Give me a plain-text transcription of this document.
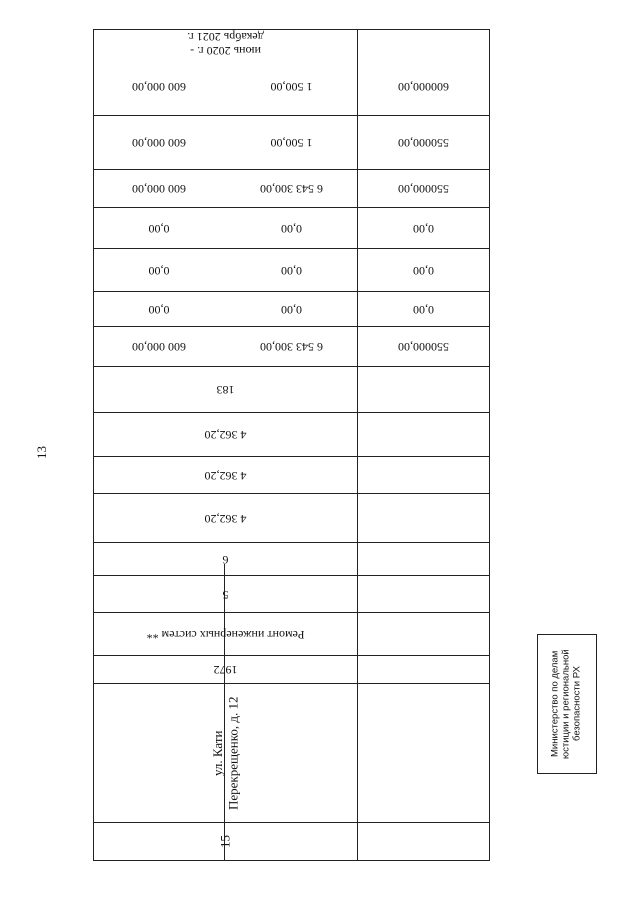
15
ул. Кати
Перекрещенко, д. 12
1972
Ремонт инженерных систем **
5
6
4 362,20
4 362,20
4 362,20
183
550000,00
6 543 300,00
600 000,00
0,00
0,00
0,00
0,00
0,00
0,00
0,00
0,00
0,00
550000,00
6 543 300,00
600 000,00
550000,00
1 500,00
600 000,00
600000,00
1 500,00
600 000,00
июнь 2020 г. -
декабрь 2021 г.
13
Министерство по делам
юстиции и региональной
безопасности РХ
